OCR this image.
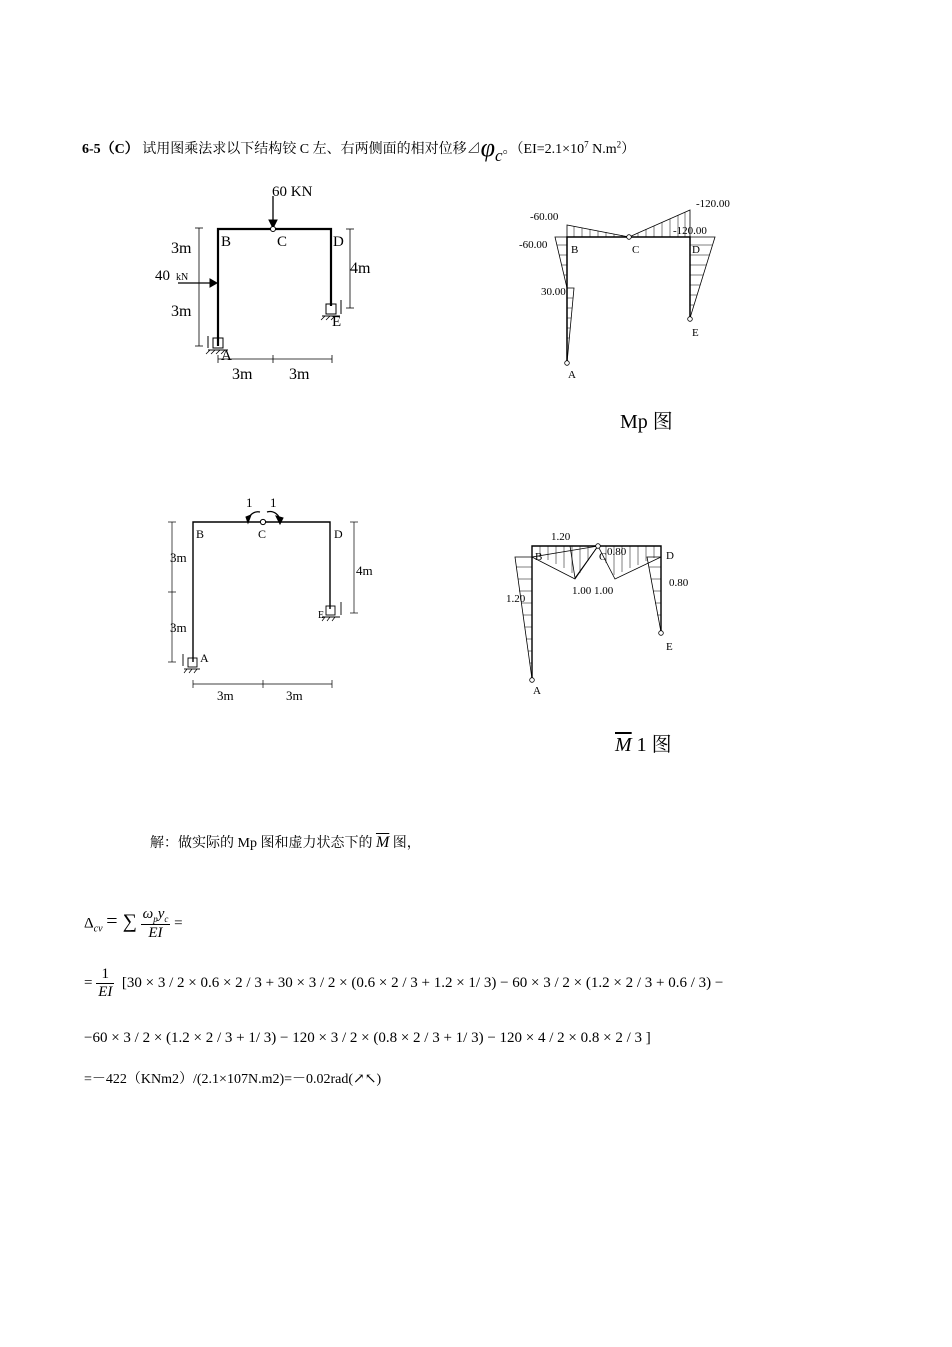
6-5（C） 试用图乘法求以下结构铰 C 左、右两侧面的相对位移⊿φc。（$EI=2.1\times 10^7$ $N.m^2$）
60 KN
40 kN
3m
3m
4m
3m 3m
B	C	D
E
A
-120.00
-60.00
-60.00
-120.00
30.00
B	C	D
E
A
Mp 图
1 1
B	C	D
E
A
3m
3m
4m
3m	3m
1.20
0.80
1.00 1.00
0.80
1.20
B	C	D
E
A
$\overline{M}$ 1 图
解：做实际的 Mp 图和虚力状态下的 $\overline{M}$ 图，
$\Delta_{cv}$ = ∑ $\frac{\omega_py_c}{EI}$ =
= $\frac{1}{EI} [30 \times 3 / 2 \times 0.6 \times 2 / 3 + 30 \times 3 / 2 \times (0.6 \times 2 / 3 + 1.2 \times 1/$ 3) − 60 × 3 / 2 × (1.2 × 2 / 3 + 0.6 / 3) −
−60 × 3 / 2 × (1.2 × 2 / 3 + 1/ 3) − 120 × 3 / 2 × (0.8 × 2 / 3 + 1/ 3) − 120 × 4 / 2 × 0.8 × 2 / 3 ]
=－422（KNm2）/(2.1×107N.m2)=－0.02rad(↗↖)
